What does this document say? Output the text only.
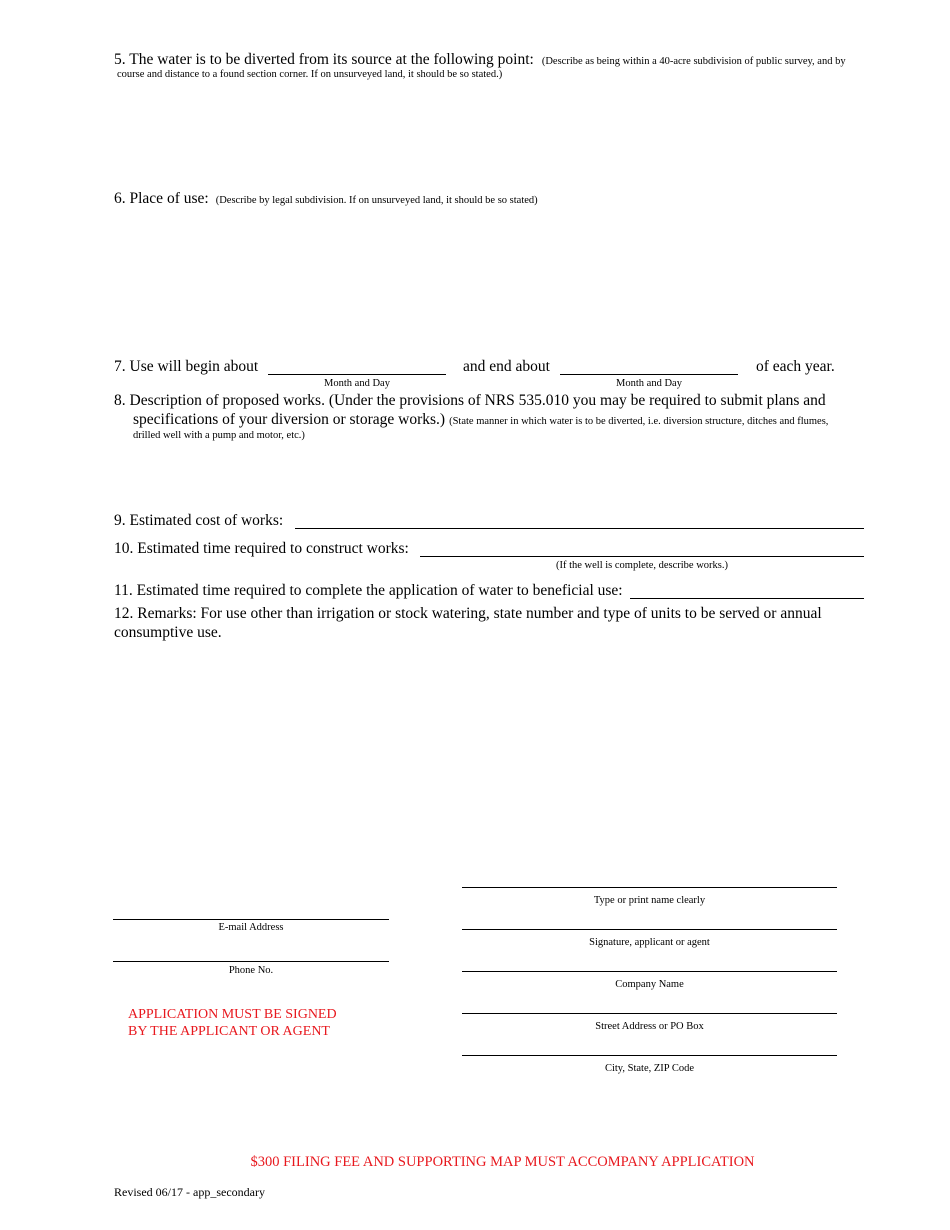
5. The water is to be diverted from its source at the following point: (Describe as being within a 40-acre subdivision of public survey, and by
course and distance to a found section corner. If on unsurveyed land, it should be so stated.)
6. Place of use: (Describe by legal subdivision. If on unsurveyed land, it should be so stated)
7. Use will begin about
Month and Day
and end about
Month and Day
of each year.
8. Description of proposed works. (Under the provisions of NRS 535.010 you may be required to submit plans and
specifications of your diversion or storage works.) (State manner in which water is to be diverted, i.e. diversion structure, ditches and flumes,
drilled well with a pump and motor, etc.)
9. Estimated cost of works:
10. Estimated time required to construct works:
(If the well is complete, describe works.)
11. Estimated time required to complete the application of water to beneficial use:
12. Remarks: For use other than irrigation or stock watering, state number and type of units to be served or annual
consumptive use.
E-mail Address
Phone No.
APPLICATION MUST BE SIGNED
BY THE APPLICANT OR AGENT
Type or print name clearly
Signature, applicant or agent
Company Name
Street Address or PO Box
City, State, ZIP Code
$300 FILING FEE AND SUPPORTING MAP MUST ACCOMPANY APPLICATION
Revised 06/17 - app_secondary
